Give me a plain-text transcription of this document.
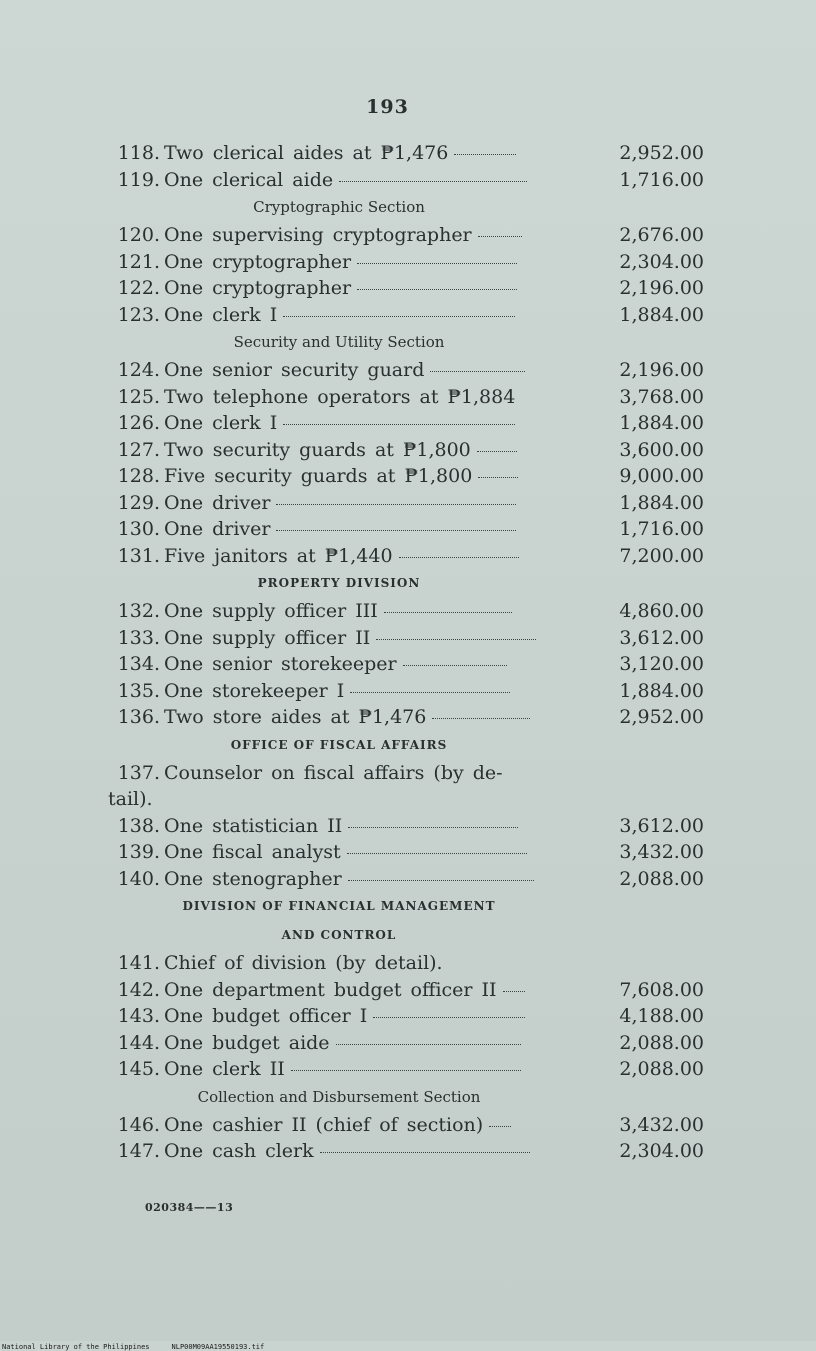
193
118. Two clerical aides at ₱1,476	2,952.00
119. One clerical aide	1,716.00
Cryptographic Section
120. One supervising cryptographer	2,676.00
121. One cryptographer	2,304.00
122. One cryptographer	2,196.00
123. One clerk I	1,884.00
Security and Utility Section
124. One senior security guard	2,196.00
125. Two telephone operators at ₱1,884	3,768.00
126. One clerk I	1,884.00
127. Two security guards at ₱1,800	3,600.00
128. Five security guards at ₱1,800	9,000.00
129. One driver	1,884.00
130. One driver	1,716.00
131. Five janitors at ₱1,440	7,200.00
PROPERTY DIVISION
132. One supply officer III	4,860.00
133. One supply officer II	3,612.00
134. One senior storekeeper	3,120.00
135. One storekeeper I	1,884.00
136. Two store aides at ₱1,476	2,952.00
OFFICE OF FISCAL AFFAIRS
137. Counselor on fiscal affairs (by de-
tail).
138. One statistician II	3,612.00
139. One fiscal analyst	3,432.00
140. One stenographer	2,088.00
DIVISION OF FINANCIAL MANAGEMENT
AND CONTROL
141. Chief of division (by detail).
142. One department budget officer II	7,608.00
143. One budget officer I	4,188.00
144. One budget aide	2,088.00
145. One clerk II	2,088.00
Collection and Disbursement Section
146. One cashier II (chief of section)	3,432.00
147. One cash clerk	2,304.00
020384——13
National Library of the Philippines	NLP00M09AA19550193.tif
